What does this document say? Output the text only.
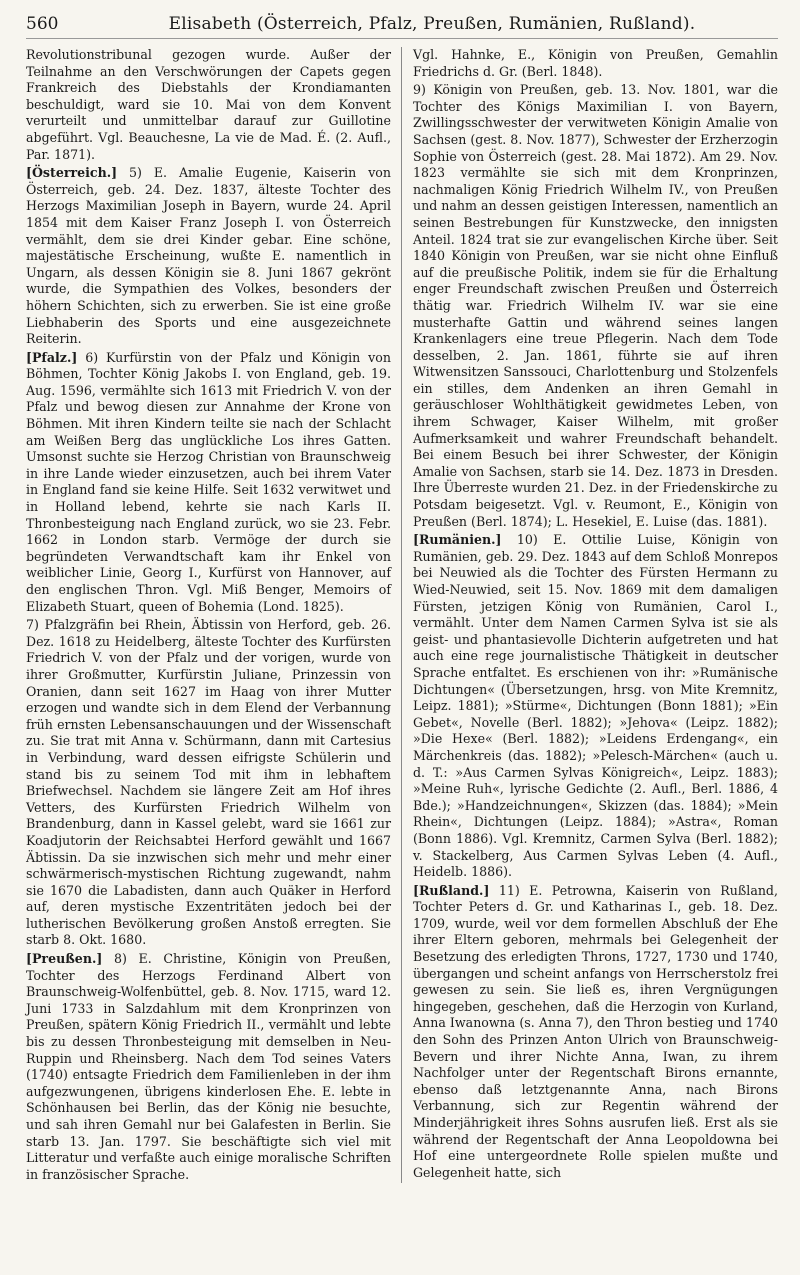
560	Elisabeth (Österreich, Pfalz, Preußen, Rumänien, Rußland).

Revolutionstribunal gezogen wurde. Außer der Teilnahme an den Verschwörungen der Capets gegen Frankreich des Diebstahls der Krondiamanten beschuldigt, ward sie 10. Mai von dem Konvent verurteilt und unmittelbar darauf zur Guillotine abgeführt. Vgl. Beauchesne, La vie de Mad. É. (2. Aufl., Par. 1871).

[Österreich.] 5) E. Amalie Eugenie, Kaiserin von Österreich, geb. 24. Dez. 1837, älteste Tochter des Herzogs Maximilian Joseph in Bayern, wurde 24. April 1854 mit dem Kaiser Franz Joseph I. von Österreich vermählt, dem sie drei Kinder gebar. Eine schöne, majestätische Erscheinung, wußte E. namentlich in Ungarn, als dessen Königin sie 8. Juni 1867 gekrönt wurde, die Sympathien des Volkes, besonders der höhern Schichten, sich zu erwerben. Sie ist eine große Liebhaberin des Sports und eine ausgezeichnete Reiterin.

[Pfalz.] 6) Kurfürstin von der Pfalz und Königin von Böhmen, Tochter König Jakobs I. von England, geb. 19. Aug. 1596, vermählte sich 1613 mit Friedrich V. von der Pfalz und bewog diesen zur Annahme der Krone von Böhmen. Mit ihren Kindern teilte sie nach der Schlacht am Weißen Berg das unglückliche Los ihres Gatten. Umsonst suchte sie Herzog Christian von Braunschweig in ihre Lande wieder einzusetzen, auch bei ihrem Vater in England fand sie keine Hilfe. Seit 1632 verwitwet und in Holland lebend, kehrte sie nach Karls II. Thronbesteigung nach England zurück, wo sie 23. Febr. 1662 in London starb. Vermöge der durch sie begründeten Verwandtschaft kam ihr Enkel von weiblicher Linie, Georg I., Kurfürst von Hannover, auf den englischen Thron. Vgl. Miß Benger, Memoirs of Elizabeth Stuart, queen of Bohemia (Lond. 1825).

7) Pfalzgräfin bei Rhein, Äbtissin von Herford, geb. 26. Dez. 1618 zu Heidelberg, älteste Tochter des Kurfürsten Friedrich V. von der Pfalz und der vorigen, wurde von ihrer Großmutter, Kurfürstin Juliane, Prinzessin von Oranien, dann seit 1627 im Haag von ihrer Mutter erzogen und wandte sich in dem Elend der Verbannung früh ernsten Lebensanschauungen und der Wissenschaft zu. Sie trat mit Anna v. Schürmann, dann mit Cartesius in Verbindung, ward dessen eifrigste Schülerin und stand bis zu seinem Tod mit ihm in lebhaftem Briefwechsel. Nachdem sie längere Zeit am Hof ihres Vetters, des Kurfürsten Friedrich Wilhelm von Brandenburg, dann in Kassel gelebt, ward sie 1661 zur Koadjutorin der Reichsabtei Herford gewählt und 1667 Äbtissin. Da sie inzwischen sich mehr und mehr einer schwärmerisch-mystischen Richtung zugewandt, nahm sie 1670 die Labadisten, dann auch Quäker in Herford auf, deren mystische Exzentritäten jedoch bei der lutherischen Bevölkerung großen Anstoß erregten. Sie starb 8. Okt. 1680.

[Preußen.] 8) E. Christine, Königin von Preußen, Tochter des Herzogs Ferdinand Albert von Braunschweig-Wolfenbüttel, geb. 8. Nov. 1715, ward 12. Juni 1733 in Salzdahlum mit dem Kronprinzen von Preußen, spätern König Friedrich II., vermählt und lebte bis zu dessen Thronbesteigung mit demselben in Neu-Ruppin und Rheinsberg. Nach dem Tod seines Vaters (1740) entsagte Friedrich dem Familienleben in der ihm aufgezwungenen, übrigens kinderlosen Ehe. E. lebte in Schönhausen bei Berlin, das der König nie besuchte, und sah ihren Gemahl nur bei Galafesten in Berlin. Sie starb 13. Jan. 1797. Sie beschäftigte sich viel mit Litteratur und verfaßte auch einige moralische Schriften in französischer Sprache.

Vgl. Hahnke, E., Königin von Preußen, Gemahlin Friedrichs d. Gr. (Berl. 1848).

9) Königin von Preußen, geb. 13. Nov. 1801, war die Tochter des Königs Maximilian I. von Bayern, Zwillingsschwester der verwitweten Königin Amalie von Sachsen (gest. 8. Nov. 1877), Schwester der Erzherzogin Sophie von Österreich (gest. 28. Mai 1872). Am 29. Nov. 1823 vermählte sie sich mit dem Kronprinzen, nachmaligen König Friedrich Wilhelm IV., von Preußen und nahm an dessen geistigen Interessen, namentlich an seinen Bestrebungen für Kunstzwecke, den innigsten Anteil. 1824 trat sie zur evangelischen Kirche über. Seit 1840 Königin von Preußen, war sie nicht ohne Einfluß auf die preußische Politik, indem sie für die Erhaltung enger Freundschaft zwischen Preußen und Österreich thätig war. Friedrich Wilhelm IV. war sie eine musterhafte Gattin und während seines langen Krankenlagers eine treue Pflegerin. Nach dem Tode desselben, 2. Jan. 1861, führte sie auf ihren Witwensitzen Sanssouci, Charlottenburg und Stolzenfels ein stilles, dem Andenken an ihren Gemahl in geräuschloser Wohlthätigkeit gewidmetes Leben, von ihrem Schwager, Kaiser Wilhelm, mit großer Aufmerksamkeit und wahrer Freundschaft behandelt. Bei einem Besuch bei ihrer Schwester, der Königin Amalie von Sachsen, starb sie 14. Dez. 1873 in Dresden. Ihre Überreste wurden 21. Dez. in der Friedenskirche zu Potsdam beigesetzt. Vgl. v. Reumont, E., Königin von Preußen (Berl. 1874); L. Hesekiel, E. Luise (das. 1881).

[Rumänien.] 10) E. Ottilie Luise, Königin von Rumänien, geb. 29. Dez. 1843 auf dem Schloß Monrepos bei Neuwied als die Tochter des Fürsten Hermann zu Wied-Neuwied, seit 15. Nov. 1869 mit dem damaligen Fürsten, jetzigen König von Rumänien, Carol I., vermählt. Unter dem Namen Carmen Sylva ist sie als geist- und phantasievolle Dichterin aufgetreten und hat auch eine rege journalistische Thätigkeit in deutscher Sprache entfaltet. Es erschienen von ihr: »Rumänische Dichtungen« (Übersetzungen, hrsg. von Mite Kremnitz, Leipz. 1881); »Stürme«, Dichtungen (Bonn 1881); »Ein Gebet«, Novelle (Berl. 1882); »Jehova« (Leipz. 1882); »Die Hexe« (Berl. 1882); »Leidens Erdengang«, ein Märchenkreis (das. 1882); »Pelesch-Märchen« (auch u. d. T.: »Aus Carmen Sylvas Königreich«, Leipz. 1883); »Meine Ruh«, lyrische Gedichte (2. Aufl., Berl. 1886, 4 Bde.); »Handzeichnungen«, Skizzen (das. 1884); »Mein Rhein«, Dichtungen (Leipz. 1884); »Astra«, Roman (Bonn 1886). Vgl. Kremnitz, Carmen Sylva (Berl. 1882); v. Stackelberg, Aus Carmen Sylvas Leben (4. Aufl., Heidelb. 1886).

[Rußland.] 11) E. Petrowna, Kaiserin von Rußland, Tochter Peters d. Gr. und Katharinas I., geb. 18. Dez. 1709, wurde, weil vor dem formellen Abschluß der Ehe ihrer Eltern geboren, mehrmals bei Gelegenheit der Besetzung des erledigten Throns, 1727, 1730 und 1740, übergangen und scheint anfangs von Herrscherstolz frei gewesen zu sein. Sie ließ es, ihren Vergnügungen hingegeben, geschehen, daß die Herzogin von Kurland, Anna Iwanowna (s. Anna 7), den Thron bestieg und 1740 den Sohn des Prinzen Anton Ulrich von Braunschweig-Bevern und ihrer Nichte Anna, Iwan, zu ihrem Nachfolger unter der Regentschaft Birons ernannte, ebenso daß letztgenannte Anna, nach Birons Verbannung, sich zur Regentin während der Minderjährigkeit ihres Sohns ausrufen ließ. Erst als sie während der Regentschaft der Anna Leopoldowna bei Hof eine untergeordnete Rolle spielen mußte und Gelegenheit hatte, sich
